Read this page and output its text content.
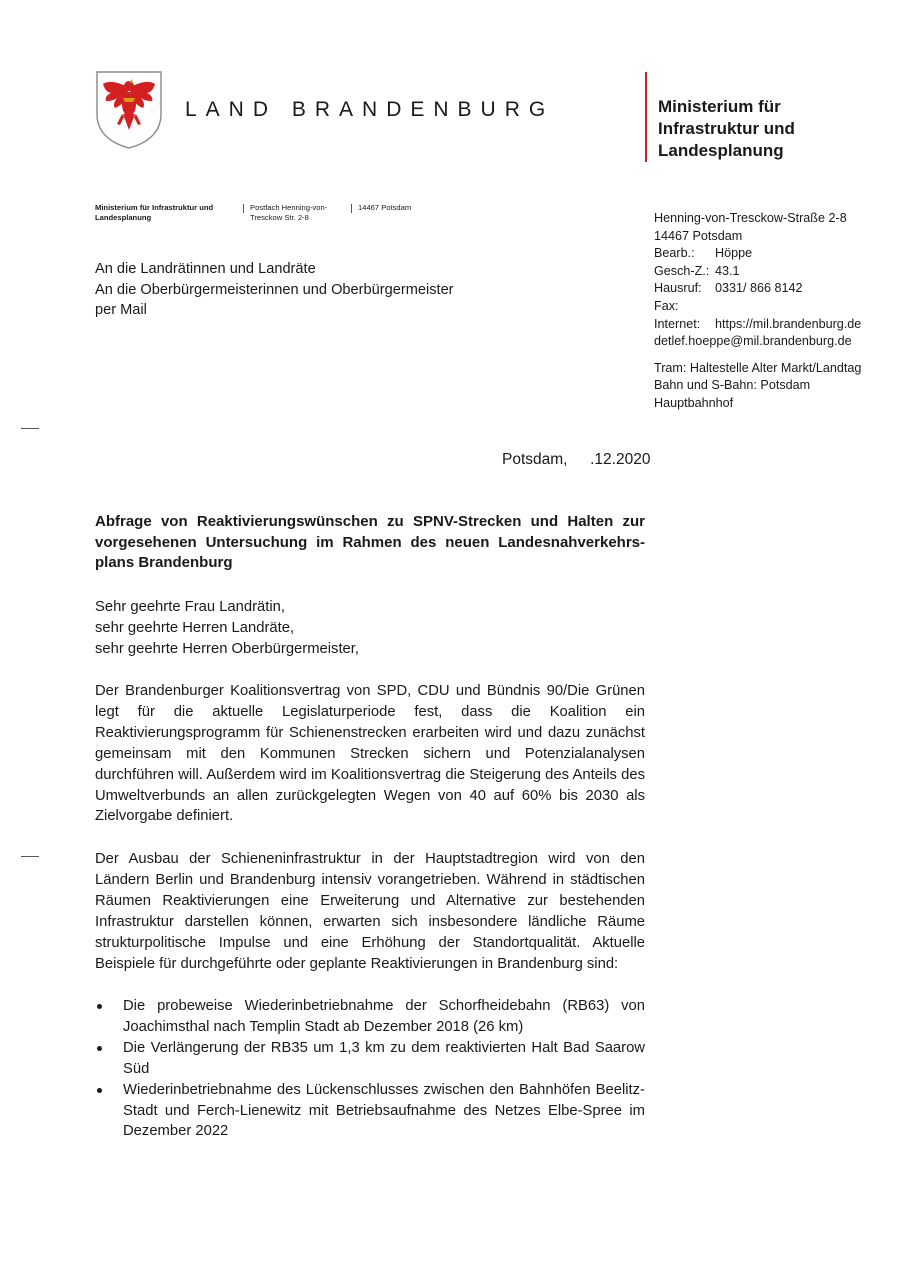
LAND BRANDENBURG	Ministerium für
Infrastruktur und
Landesplanung
Ministerium für Infrastruktur und
Landesplanung
Postfach Henning-von-
Tresckow Str. 2-8
14467 Potsdam
An die Landrätinnen und Landräte
An die Oberbürgermeisterinnen und Oberbürgermeister
per Mail
Henning-von-Tresckow-Straße 2-8
14467 Potsdam
Bearb.: Höppe
Gesch-Z.: 43.1
Hausruf: 0331/ 866 8142
Fax:
Internet: https://mil.brandenburg.de
detlef.hoeppe@mil.brandenburg.de
Tram: Haltestelle Alter Markt/Landtag
Bahn und S-Bahn: Potsdam
Hauptbahnhof
Potsdam, .12.2020
Abfrage von Reaktivierungswünschen zu SPNV-Strecken und Halten zur vorgesehenen Untersuchung im Rahmen des neuen Landesnahverkehrsplans Brandenburg
Sehr geehrte Frau Landrätin,
sehr geehrte Herren Landräte,
sehr geehrte Herren Oberbürgermeister,
Der Brandenburger Koalitionsvertrag von SPD, CDU und Bündnis 90/Die Grünen legt für die aktuelle Legislaturperiode fest, dass die Koalition ein Reaktivierungsprogramm für Schienenstrecken erarbeiten wird und dazu zunächst gemeinsam mit den Kommunen Strecken sichern und Potenzialanalysen durchführen will. Außerdem wird im Koalitionsvertrag die Steigerung des Anteils des Umweltverbunds an allen zurückgelegten Wegen von 40 auf 60% bis 2030 als Zielvorgabe definiert.
Der Ausbau der Schieneninfrastruktur in der Hauptstadtregion wird von den Ländern Berlin und Brandenburg intensiv vorangetrieben. Während in städtischen Räumen Reaktivierungen eine Erweiterung und Alternative zur bestehenden Infrastruktur darstellen können, erwarten sich insbesondere ländliche Räume strukturpolitische Impulse und eine Erhöhung der Standortqualität. Aktuelle Beispiele für durchgeführte oder geplante Reaktivierungen in Brandenburg sind:
Die probeweise Wiederinbetriebnahme der Schorfheidebahn (RB63) von Joachimsthal nach Templin Stadt ab Dezember 2018 (26 km)
Die Verlängerung der RB35 um 1,3 km zu dem reaktivierten Halt Bad Saarow Süd
Wiederinbetriebnahme des Lückenschlusses zwischen den Bahnhöfen Beelitz-Stadt und Ferch-Lienewitz mit Betriebsaufnahme des Netzes Elbe-Spree im Dezember 2022
